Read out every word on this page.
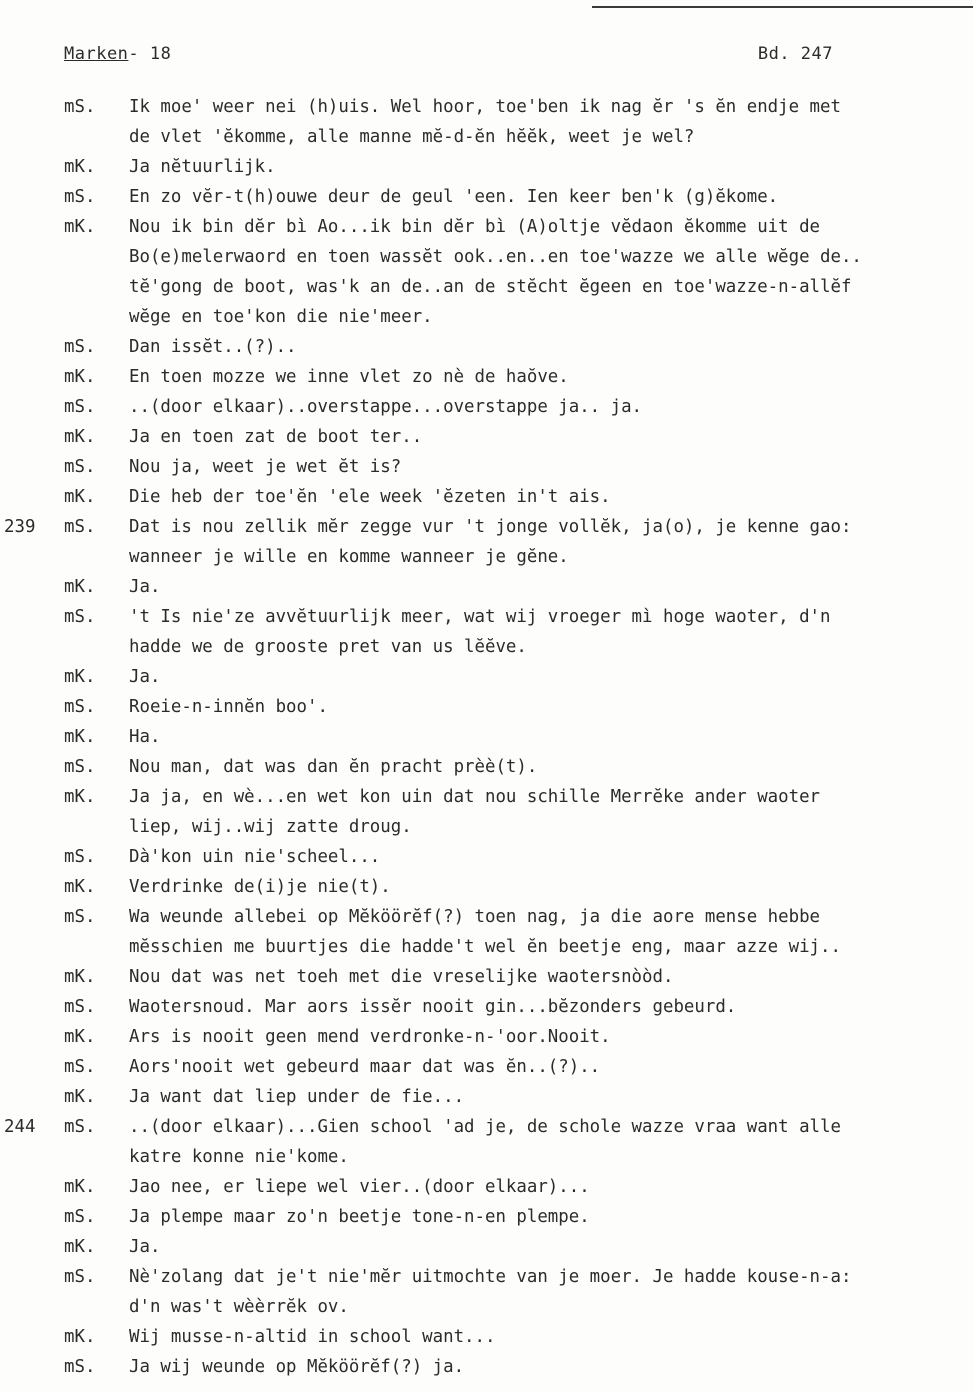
Marken- 18	Bd. 247
mS.	Ik moe' weer nei (h)uis. Wel hoor, toe'ben ik nag ĕr 's ĕn endje met
de vlet 'ĕkomme, alle manne mĕ-d-ĕn hĕĕk, weet je wel?
mK.	Ja nĕtuurlijk.
mS.	En zo vĕr-t(h)ouwe deur de geul 'een. Ien keer ben'k (g)ĕkome.
mK.	Nou ik bin dĕr bì Ao...ik bin dĕr bì (A)oltje vĕdaon ĕkomme uit de
Bo(e)melerwaord en toen wassĕt ook..en..en toe'wazze we alle wĕge de..
tĕ'gong de boot, was'k an de..an de stĕcht ĕgeen en toe'wazze-n-allĕf
wĕge en toe'kon die nie'meer.
mS.	Dan issĕt..(?)..
mK.	En toen mozze we inne vlet zo nè de haŏve.
mS.	..(door elkaar)..overstappe...overstappe ja.. ja.
mK.	Ja en toen zat de boot ter..
mS.	Nou ja, weet je wet ĕt is?
mK.	Die heb der toe'ĕn 'ele week 'ĕzeten in't ais.
239	mS.	Dat is nou zellik mĕr zegge vur 't jonge vollĕk, ja(o), je kenne gao:
wanneer je wille en komme wanneer je gĕne.
mK.	Ja.
mS.	't Is nie'ze avvĕtuurlijk meer, wat wij vroeger mì hoge waoter, d'n
hadde we de grooste pret van us lĕĕve.
mK.	Ja.
mS.	Roeie-n-innĕn boo'.
mK.	Ha.
mS.	Nou man, dat was dan ĕn pracht prèè(t).
mK.	Ja ja, en wè...en wet kon uin dat nou schille Merrĕke ander waoter
liep, wij..wij zatte droug.
mS.	Dà'kon uin nie'scheel...
mK.	Verdrinke de(i)je nie(t).
mS.	Wa weunde allebei op Mĕköörĕf(?) toen nag, ja die aore mense hebbe
mĕsschien me buurtjes die hadde't wel ĕn beetje eng, maar azze wij..
mK.	Nou dat was net toeh met die vreselijke waotersnòòd.
mS.	Waotersnoud. Mar aors issĕr nooit gin...bĕzonders gebeurd.
mK.	Ars is nooit geen mend verdronke-n-'oor.Nooit.
mS.	Aors'nooit wet gebeurd maar dat was ĕn..(?)..
mK.	Ja want dat liep under de fie...
244	mS.	..(door elkaar)...Gien school 'ad je, de schole wazze vraa want alle
katre konne nie'kome.
mK.	Jao nee, er liepe wel vier..(door elkaar)...
mS.	Ja plempe maar zo'n beetje tone-n-en plempe.
mK.	Ja.
mS.	Nè'zolang dat je't nie'mĕr uitmochte van je moer. Je hadde kouse-n-a:
d'n was't wèèrrĕk ov.
mK.	Wij musse-n-altid in school want...
mS.	Ja wij weunde op Mĕköörĕf(?) ja.
